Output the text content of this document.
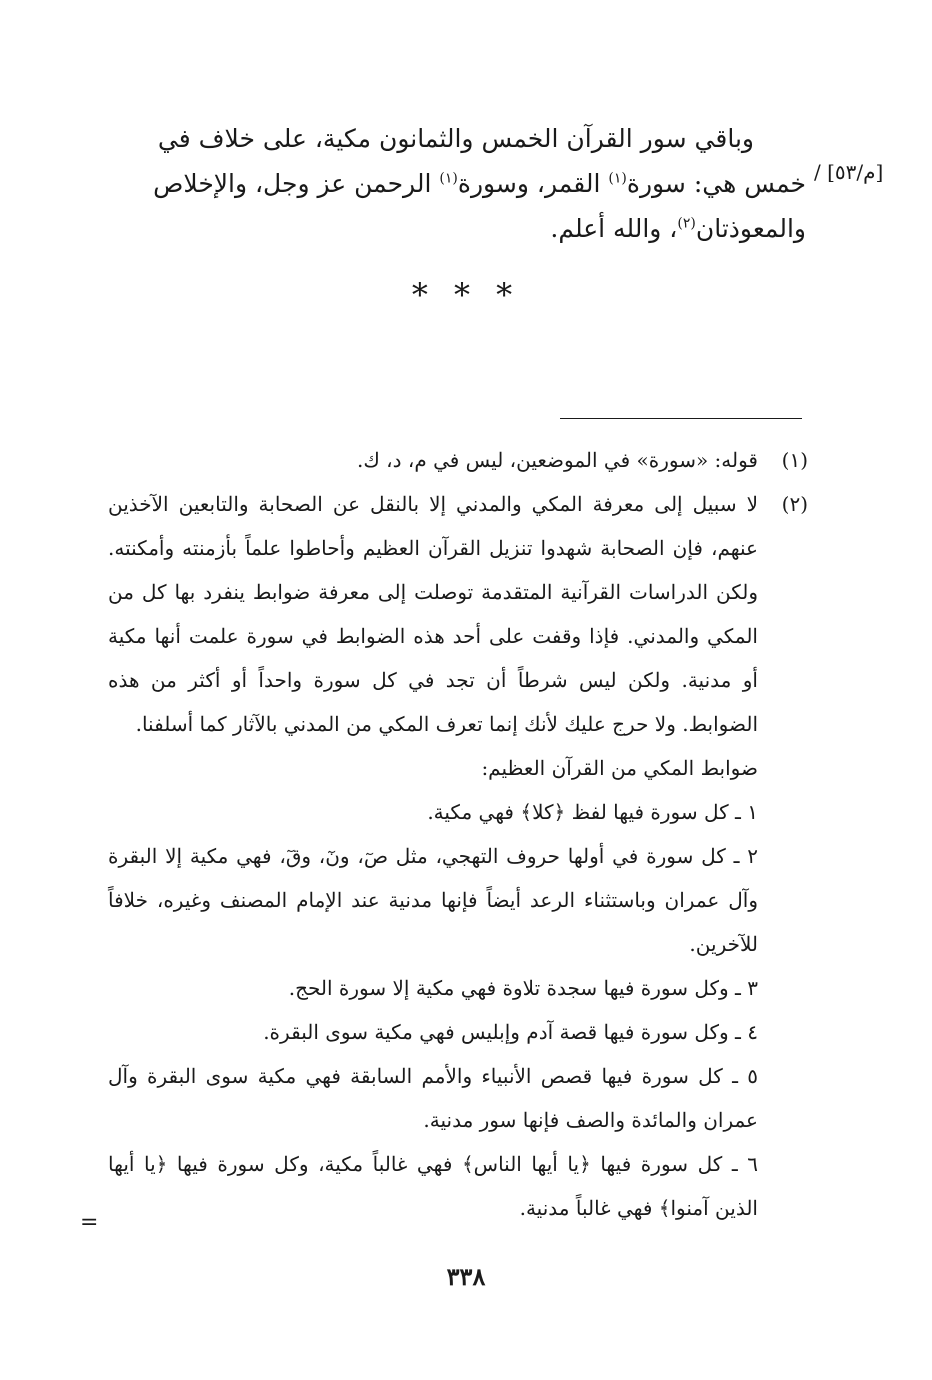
وباقي سور القرآن الخمس والثمانون مكية، على خلاف في

خمس هي: سورة$^{(١)}$ القمر، وسورة$^{(١)}$ الرحمن عز وجل، والإخلاص

والمعوذتان$^{(٢)}$، والله أعلم.

[م/٥٣] /
* * *
(١)
قوله: «سورة» في الموضعين، ليس في م، د، ك.
(٢)

لا سبيل إلى معرفة المكي والمدني إلا بالنقل عن الصحابة والتابعين الآخذين عنهم، فإن الصحابة شهدوا تنزيل القرآن العظيم وأحاطوا علماً بأزمنته وأمكنته. ولكن الدراسات القرآنية المتقدمة توصلت إلى معرفة ضوابط ينفرد بها كل من المكي والمدني. فإذا وقفت على أحد هذه الضوابط في سورة علمت أنها مكية أو مدنية. ولكن ليس شرطاً أن تجد في كل سورة واحداً أو أكثر من هذه الضوابط. ولا حرج عليك لأنك إنما تعرف المكي من المدني بالآثار كما أسلفنا.

ضوابط المكي من القرآن العظيم:

١ ـ كل سورة فيها لفظ ﴿كلا﴾ فهي مكية.

٢ ـ كل سورة في أولها حروف التهجي، مثل صٓ، ونٓ، وقٓ، فهي مكية إلا البقرة وآل عمران وباستثناء الرعد أيضاً فإنها مدنية عند الإمام المصنف وغيره، خلافاً للآخرين.

٣ ـ وكل سورة فيها سجدة تلاوة فهي مكية إلا سورة الحج.

٤ ـ وكل سورة فيها قصة آدم وإبليس فهي مكية سوى البقرة.

٥ ـ كل سورة فيها قصص الأنبياء والأمم السابقة فهي مكية سوى البقرة وآل عمران والمائدة والصف فإنها سور مدنية.

٦ ـ كل سورة فيها ﴿يا أيها الناس﴾ فهي غالباً مكية، وكل سورة فيها ﴿يا أيها الذين آمنوا﴾ فهي غالباً مدنية.

=
٣٣٨
